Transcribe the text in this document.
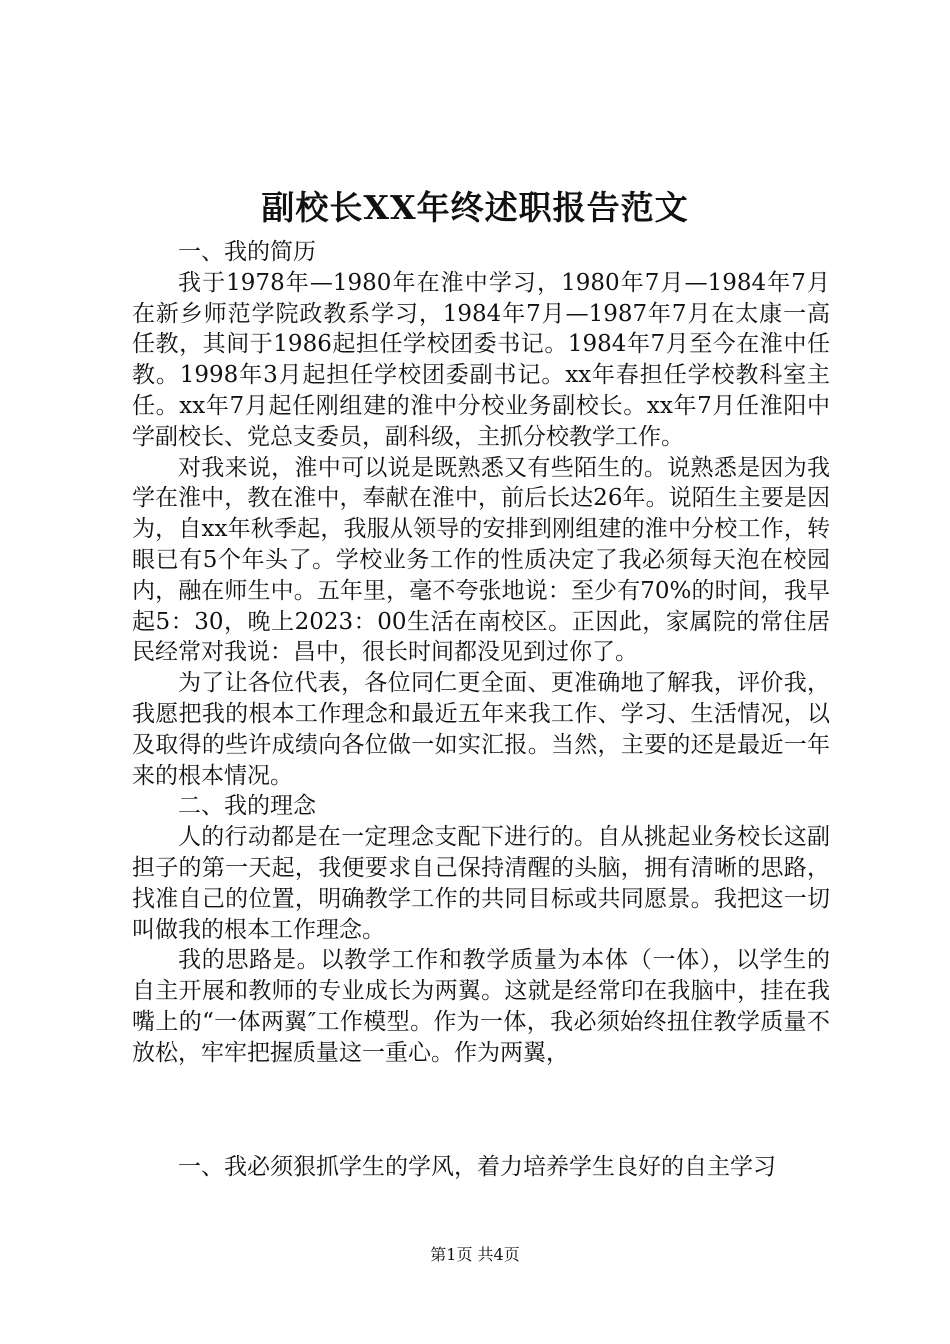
副校长XX年终述职报告范文

一、我的简历

我于1978年—1980年在淮中学习，1980年7月—1984年7月在新乡师范学院政教系学习，1984年7月—1987年7月在太康一高任教，其间于1986起担任学校团委书记。1984年7月至今在淮中任教。1998年3月起担任学校团委副书记。xx年春担任学校教科室主任。xx年7月起任刚组建的淮中分校业务副校长。xx年7月任淮阳中学副校长、党总支委员，副科级，主抓分校教学工作。

对我来说，淮中可以说是既熟悉又有些陌生的。说熟悉是因为我学在淮中，教在淮中，奉献在淮中，前后长达26年。说陌生主要是因为，自xx年秋季起，我服从领导的安排到刚组建的淮中分校工作，转眼已有5个年头了。学校业务工作的性质决定了我必须每天泡在校园内，融在师生中。五年里，毫不夸张地说：至少有70%的时间，我早起5：30，晚上2023：00生活在南校区。正因此，家属院的常住居民经常对我说：昌中，很长时间都没见到过你了。

为了让各位代表，各位同仁更全面、更准确地了解我，评价我，我愿把我的根本工作理念和最近五年来我工作、学习、生活情况，以及取得的些许成绩向各位做一如实汇报。当然，主要的还是最近一年来的根本情况。

二、我的理念

人的行动都是在一定理念支配下进行的。自从挑起业务校长这副担子的第一天起，我便要求自己保持清醒的头脑，拥有清晰的思路，找准自己的位置，明确教学工作的共同目标或共同愿景。我把这一切叫做我的根本工作理念。

我的思路是。以教学工作和教学质量为本体（一体），以学生的自主开展和教师的专业成长为两翼。这就是经常印在我脑中，挂在我嘴上的“一体两翼″工作模型。作为一体，我必须始终扭住教学质量不放松，牢牢把握质量这一重心。作为两翼，

一、我必须狠抓学生的学风，着力培养学生良好的自主学习

第1页 共4页
